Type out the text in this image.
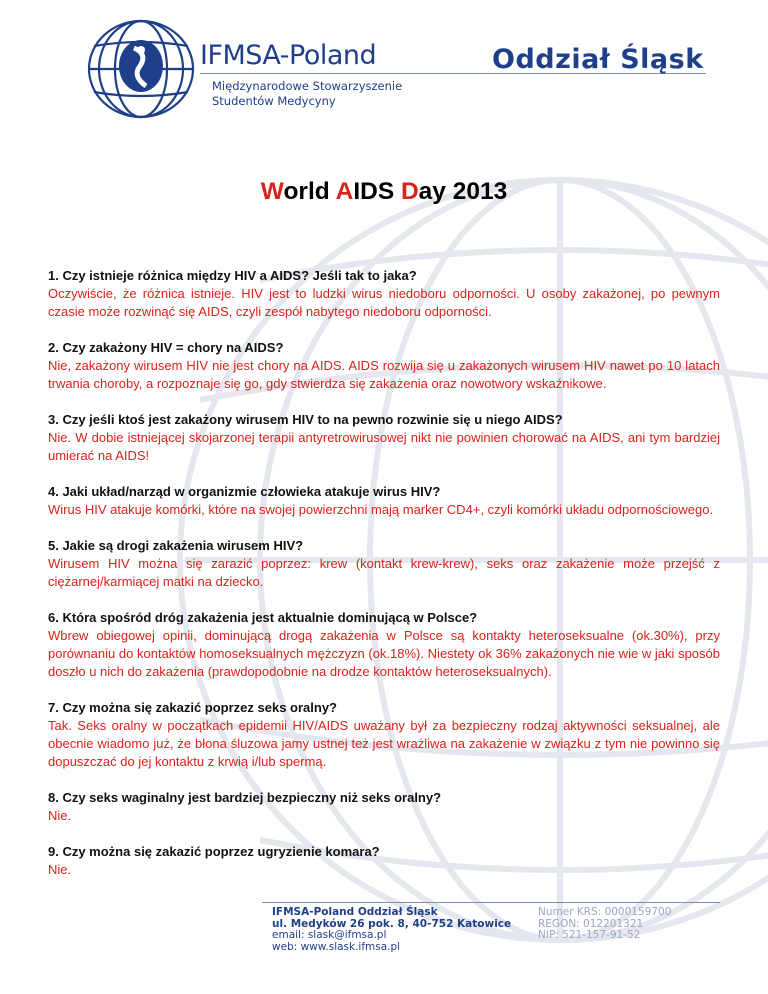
IFMSA-Poland
Międzynarodowe Stowarzyszenie
Studentów Medycyny
Oddział Śląsk
World AIDS Day 2013

1. Czy istnieje różnica między HIV a AIDS? Jeśli tak to jaka?

Oczywiście, że różnica istnieje. HIV jest to ludzki wirus niedoboru odporności. U osoby zakażonej, po pewnym czasie może rozwinąć się AIDS, czyli zespół nabytego niedoboru odporności.

2. Czy zakażony HIV = chory na AIDS?

Nie, zakażony wirusem HIV nie jest chory na AIDS. AIDS rozwija się u zakażonych wirusem HIV nawet po 10 latach trwania choroby, a rozpoznaje się go, gdy stwierdza się zakażenia oraz nowotwory wskaźnikowe.

3. Czy jeśli ktoś jest zakażony wirusem HIV to na pewno rozwinie się u niego AIDS?

Nie. W dobie istniejącej skojarzonej terapii antyretrowirusowej nikt nie powinien chorować na AIDS, ani tym bardziej umierać na AIDS!

4. Jaki układ/narząd w organizmie człowieka atakuje wirus HIV?

Wirus HIV atakuje komórki, które na swojej powierzchni mają marker CD4+, czyli komórki układu odpornościowego.

5. Jakie są drogi zakażenia wirusem HIV?

Wirusem HIV można się zarazić poprzez: krew (kontakt krew-krew), seks oraz zakażenie może przejść z ciężarnej/karmiącej matki na dziecko.

6. Która spośród dróg zakażenia jest aktualnie dominującą w Polsce?

Wbrew obiegowej opinii, dominującą drogą zakażenia w Polsce są kontakty heteroseksualne (ok.30%), przy porównaniu do kontaktów homoseksualnych mężczyzn (ok.18%). Niestety ok 36% zakażonych nie wie w jaki sposób doszło u nich do zakażenia (prawdopodobnie na drodze kontaktów heteroseksualnych).

7. Czy można się zakazić poprzez seks oralny?

Tak. Seks oralny w początkach epidemii HIV/AIDS uważany był za bezpieczny rodzaj aktywności seksualnej, ale obecnie wiadomo już, że błona śluzowa jamy ustnej też jest wrażliwa na zakażenie w związku z tym nie powinno się dopuszczać do jej kontaktu z krwią i/lub spermą.

8. Czy seks waginalny jest bardziej bezpieczny niż seks oralny?

Nie.

9. Czy można się zakazić poprzez ugryzienie komara?

Nie.

IFMSA-Poland Oddział Śląsk
ul. Medyków 26 pok. 8, 40-752 Katowice
email: slask@ifmsa.pl
web: www.slask.ifmsa.pl
Numer KRS: 0000159700
REGON: 012201321
NIP: 521-157-91-52
